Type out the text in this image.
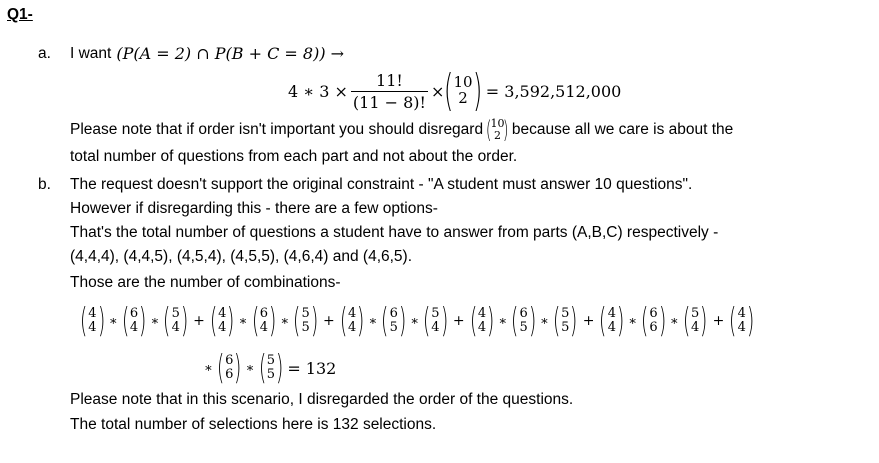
Q1-
a. I want (P(A = 2) ∩ P(B + C = 8)) →
4 ∗ $3 \times \frac{11!}{(11 - 8)!}$ × ( 10
2 ) = 3,592,512,000
Please note that if order isn't important you should disregard (
10
2 ) because all we care is about the
total number of questions from each part and not about the order.
b. The request doesn't support the original constraint - "A student must answer 10 questions".
However if disregarding this - there are a few options-
That's the total number of questions a student have to answer from parts (A,B,C) respectively -
(4,4,4), (4,4,5), (4,5,4), (4,5,5), (4,6,4) and (4,6,5).
Those are the number of combinations-
( 4
4 ) ∗ ( 6
4 ) ∗ ( 5
4 ) + ( 4
4 ) ∗ ( 6
4 ) ∗ ( 5
5 ) + ( 4
4 ) ∗ ( 6
5 ) ∗ ( 5
4 ) + ( 4
4 ) ∗ ( 6
5 ) ∗ ( 5
5 ) + ( 4
4 ) ∗ ( 6
6 ) ∗ ( 5
4 ) + ( 4
4 )
∗ ( 6
6 ) ∗ ( 5
5 ) = 132
Please note that in this scenario, I disregarded the order of the questions.
The total number of selections here is 132 selections.
